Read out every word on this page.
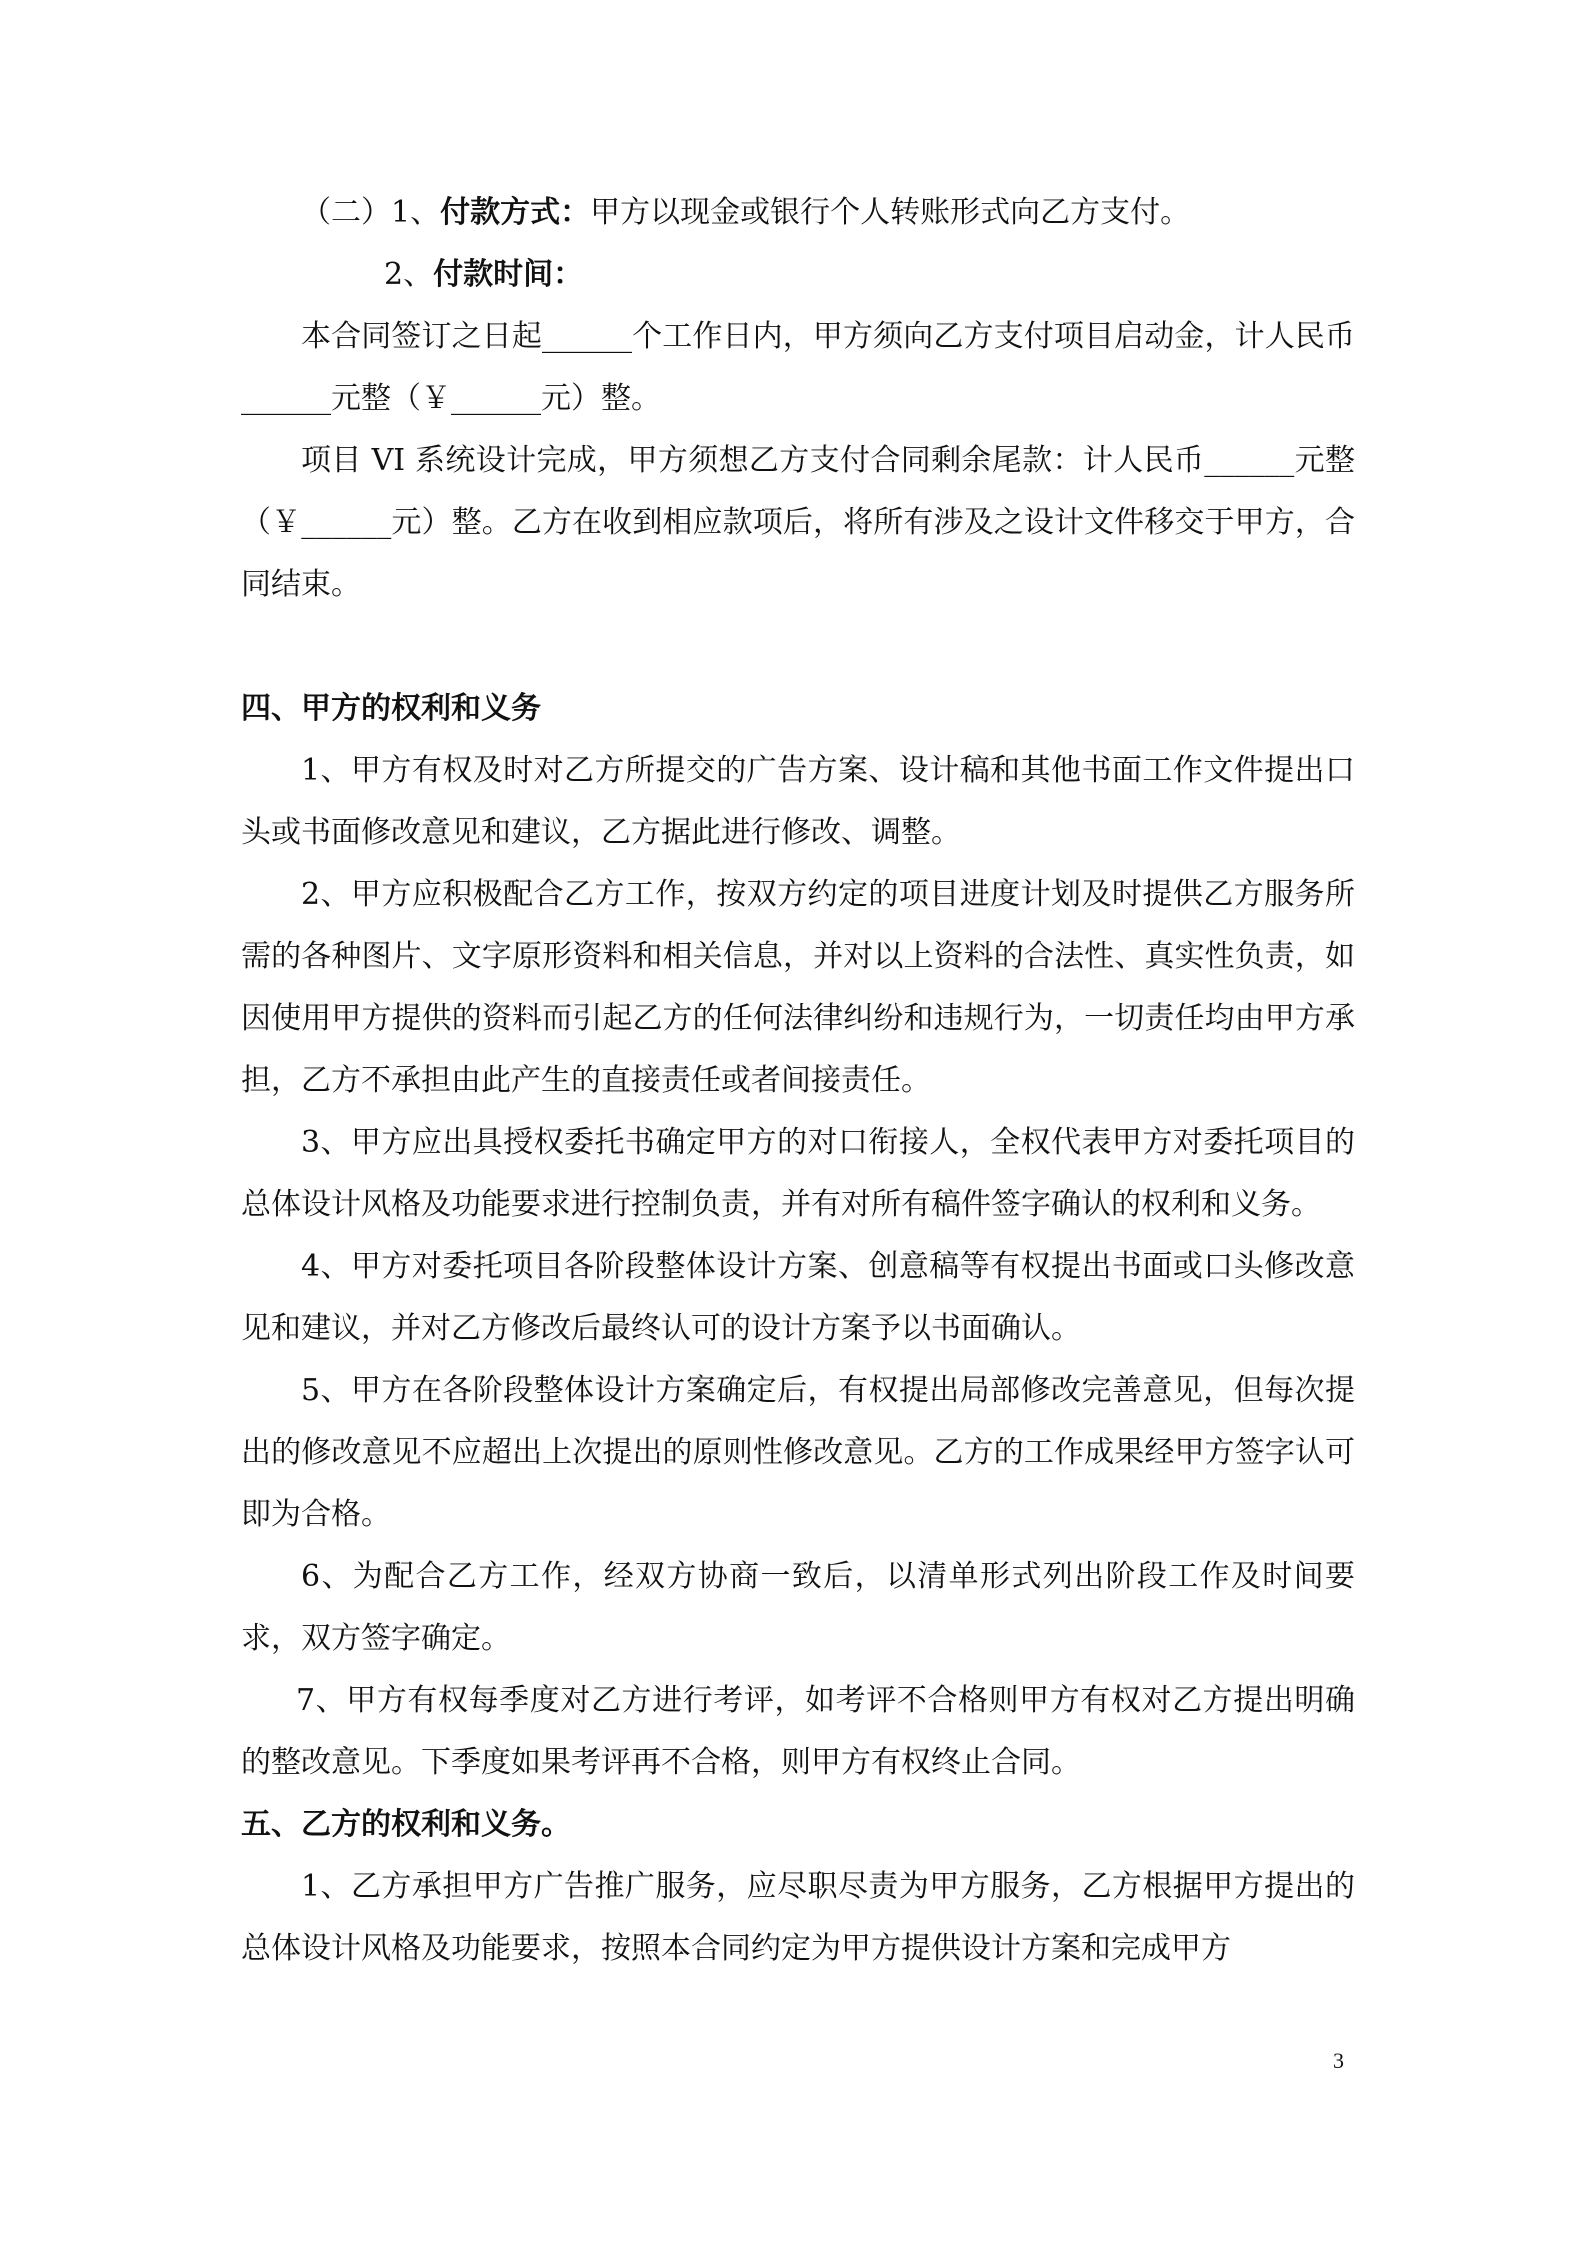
（二）1、付款方式：甲方以现金或银行个人转账形式向乙方支付。

2、付款时间：

本合同签订之日起______个工作日内，甲方须向乙方支付项目启动金，计人民币______元整（￥______元）整。

项目 VI 系统设计完成，甲方须想乙方支付合同剩余尾款：计人民币______元整（￥______元）整。乙方在收到相应款项后，将所有涉及之设计文件移交于甲方，合同结束。

四、甲方的权利和义务

1、甲方有权及时对乙方所提交的广告方案、设计稿和其他书面工作文件提出口头或书面修改意见和建议，乙方据此进行修改、调整。

2、甲方应积极配合乙方工作，按双方约定的项目进度计划及时提供乙方服务所需的各种图片、文字原形资料和相关信息，并对以上资料的合法性、真实性负责，如因使用甲方提供的资料而引起乙方的任何法律纠纷和违规行为，一切责任均由甲方承担，乙方不承担由此产生的直接责任或者间接责任。

3、甲方应出具授权委托书确定甲方的对口衔接人，全权代表甲方对委托项目的总体设计风格及功能要求进行控制负责，并有对所有稿件签字确认的权利和义务。

4、甲方对委托项目各阶段整体设计方案、创意稿等有权提出书面或口头修改意见和建议，并对乙方修改后最终认可的设计方案予以书面确认。

5、甲方在各阶段整体设计方案确定后，有权提出局部修改完善意见，但每次提出的修改意见不应超出上次提出的原则性修改意见。乙方的工作成果经甲方签字认可即为合格。

6、为配合乙方工作，经双方协商一致后，以清单形式列出阶段工作及时间要求，双方签字确定。

7、甲方有权每季度对乙方进行考评，如考评不合格则甲方有权对乙方提出明确的整改意见。下季度如果考评再不合格，则甲方有权终止合同。

五、乙方的权利和义务。

1、乙方承担甲方广告推广服务，应尽职尽责为甲方服务，乙方根据甲方提出的总体设计风格及功能要求，按照本合同约定为甲方提供设计方案和完成甲方

3
